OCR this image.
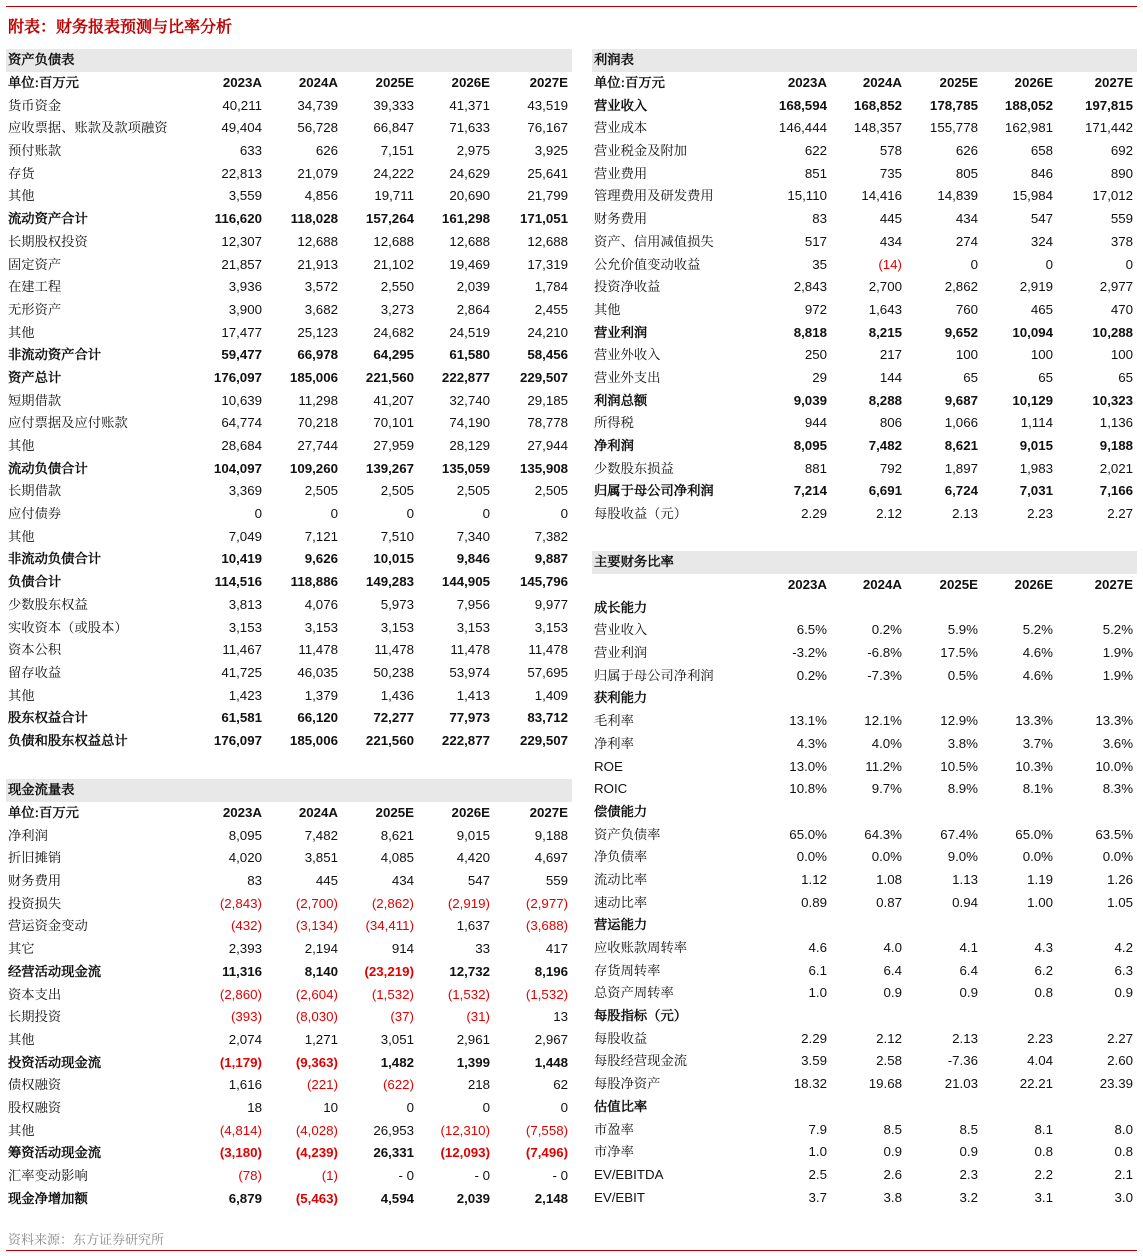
附表：财务报表预测与比率分析
资产负债表					
单位:百万元	2023A	2024A	2025E	2026E	2027E
货币资金	40,211	34,739	39,333	41,371	43,519
应收票据、账款及款项融资	49,404	56,728	66,847	71,633	76,167
预付账款	633	626	7,151	2,975	3,925
存货	22,813	21,079	24,222	24,629	25,641
其他	3,559	4,856	19,711	20,690	21,799
流动资产合计	116,620	118,028	157,264	161,298	171,051
长期股权投资	12,307	12,688	12,688	12,688	12,688
固定资产	21,857	21,913	21,102	19,469	17,319
在建工程	3,936	3,572	2,550	2,039	1,784
无形资产	3,900	3,682	3,273	2,864	2,455
其他	17,477	25,123	24,682	24,519	24,210
非流动资产合计	59,477	66,978	64,295	61,580	58,456
资产总计	176,097	185,006	221,560	222,877	229,507
短期借款	10,639	11,298	41,207	32,740	29,185
应付票据及应付账款	64,774	70,218	70,101	74,190	78,778
其他	28,684	27,744	27,959	28,129	27,944
流动负债合计	104,097	109,260	139,267	135,059	135,908
长期借款	3,369	2,505	2,505	2,505	2,505
应付债券	0	0	0	0	0
其他	7,049	7,121	7,510	7,340	7,382
非流动负债合计	10,419	9,626	10,015	9,846	9,887
负债合计	114,516	118,886	149,283	144,905	145,796
少数股东权益	3,813	4,076	5,973	7,956	9,977
实收资本（或股本）	3,153	3,153	3,153	3,153	3,153
资本公积	11,467	11,478	11,478	11,478	11,478
留存收益	41,725	46,035	50,238	53,974	57,695
其他	1,423	1,379	1,436	1,413	1,409
股东权益合计	61,581	66,120	72,277	77,973	83,712
负债和股东权益总计	176,097	185,006	221,560	222,877	229,507
利润表					
单位:百万元	2023A	2024A	2025E	2026E	2027E
营业收入	168,594	168,852	178,785	188,052	197,815
营业成本	146,444	148,357	155,778	162,981	171,442
营业税金及附加	622	578	626	658	692
营业费用	851	735	805	846	890
管理费用及研发费用	15,110	14,416	14,839	15,984	17,012
财务费用	83	445	434	547	559
资产、信用减值损失	517	434	274	324	378
公允价值变动收益	35	(14)	0	0	0
投资净收益	2,843	2,700	2,862	2,919	2,977
其他	972	1,643	760	465	470
营业利润	8,818	8,215	9,652	10,094	10,288
营业外收入	250	217	100	100	100
营业外支出	29	144	65	65	65
利润总额	9,039	8,288	9,687	10,129	10,323
所得税	944	806	1,066	1,114	1,136
净利润	8,095	7,482	8,621	9,015	9,188
少数股东损益	881	792	1,897	1,983	2,021
归属于母公司净利润	7,214	6,691	6,724	7,031	7,166
每股收益（元）	2.29	2.12	2.13	2.23	2.27
现金流量表					
单位:百万元	2023A	2024A	2025E	2026E	2027E
净利润	8,095	7,482	8,621	9,015	9,188
折旧摊销	4,020	3,851	4,085	4,420	4,697
财务费用	83	445	434	547	559
投资损失	(2,843)	(2,700)	(2,862)	(2,919)	(2,977)
营运资金变动	(432)	(3,134)	(34,411)	1,637	(3,688)
其它	2,393	2,194	914	33	417
经营活动现金流	11,316	8,140	(23,219)	12,732	8,196
资本支出	(2,860)	(2,604)	(1,532)	(1,532)	(1,532)
长期投资	(393)	(8,030)	(37)	(31)	13
其他	2,074	1,271	3,051	2,961	2,967
投资活动现金流	(1,179)	(9,363)	1,482	1,399	1,448
债权融资	1,616	(221)	(622)	218	62
股权融资	18	10	0	0	0
其他	(4,814)	(4,028)	26,953	(12,310)	(7,558)
筹资活动现金流	(3,180)	(4,239)	26,331	(12,093)	(7,496)
汇率变动影响	(78)	(1)	- 0	- 0	- 0
现金净增加额	6,879	(5,463)	4,594	2,039	2,148
主要财务比率					
	2023A	2024A	2025E	2026E	2027E
成长能力					
营业收入	6.5%	0.2%	5.9%	5.2%	5.2%
营业利润	-3.2%	-6.8%	17.5%	4.6%	1.9%
归属于母公司净利润	0.2%	-7.3%	0.5%	4.6%	1.9%
获利能力					
毛利率	13.1%	12.1%	12.9%	13.3%	13.3%
净利率	4.3%	4.0%	3.8%	3.7%	3.6%
ROE	13.0%	11.2%	10.5%	10.3%	10.0%
ROIC	10.8%	9.7%	8.9%	8.1%	8.3%
偿债能力					
资产负债率	65.0%	64.3%	67.4%	65.0%	63.5%
净负债率	0.0%	0.0%	9.0%	0.0%	0.0%
流动比率	1.12	1.08	1.13	1.19	1.26
速动比率	0.89	0.87	0.94	1.00	1.05
营运能力					
应收账款周转率	4.6	4.0	4.1	4.3	4.2
存货周转率	6.1	6.4	6.4	6.2	6.3
总资产周转率	1.0	0.9	0.9	0.8	0.9
每股指标（元）					
每股收益	2.29	2.12	2.13	2.23	2.27
每股经营现金流	3.59	2.58	-7.36	4.04	2.60
每股净资产	18.32	19.68	21.03	22.21	23.39
估值比率					
市盈率	7.9	8.5	8.5	8.1	8.0
市净率	1.0	0.9	0.9	0.8	0.8
EV/EBITDA	2.5	2.6	2.3	2.2	2.1
EV/EBIT	3.7	3.8	3.2	3.1	3.0
资料来源：东方证券研究所
